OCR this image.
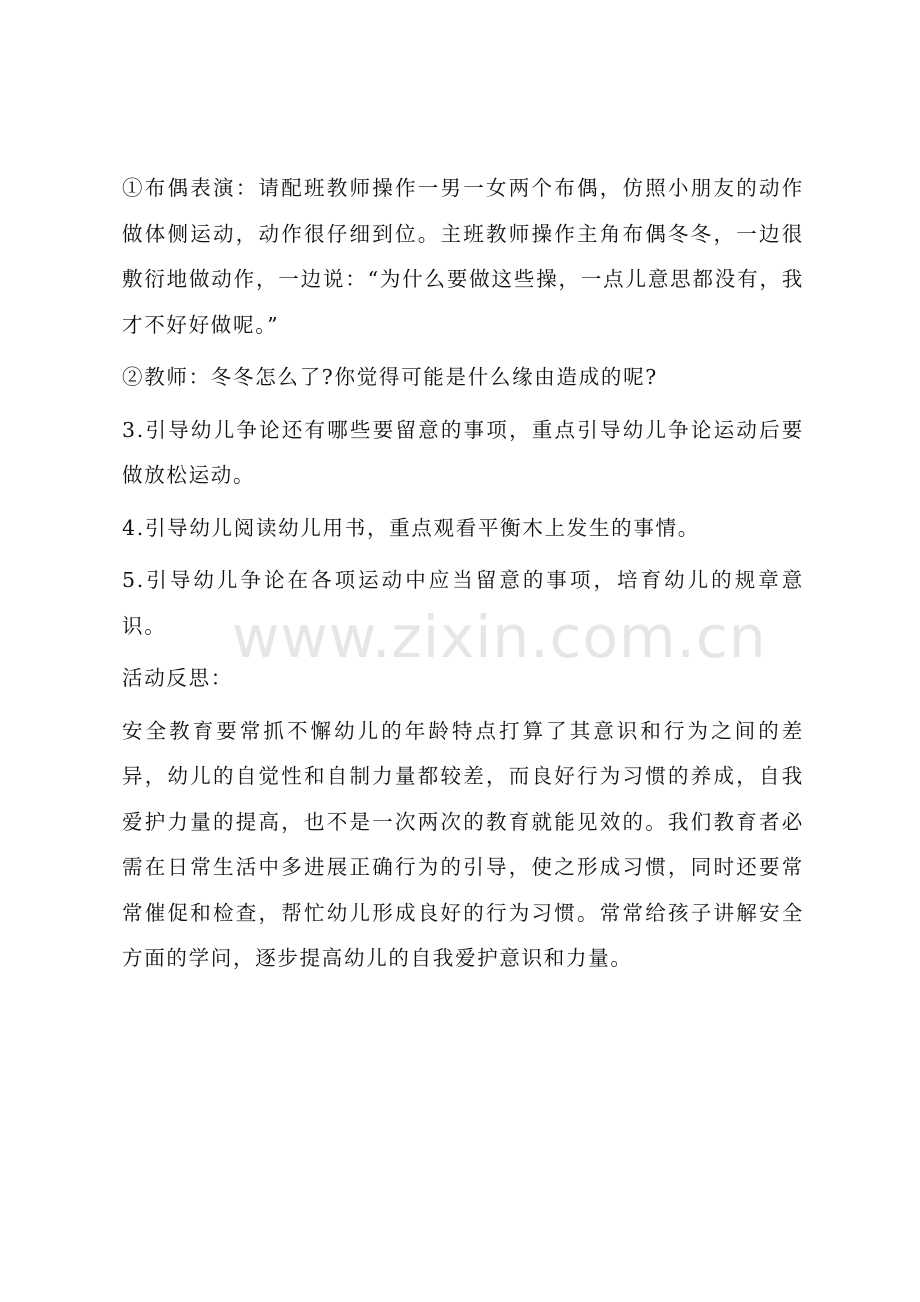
①布偶表演：请配班教师操作一男一女两个布偶，仿照小朋友的动作做体侧运动，动作很仔细到位。主班教师操作主角布偶冬冬，一边很敷衍地做动作，一边说：“为什么要做这些操，一点儿意思都没有，我才不好好做呢。”

②教师：冬冬怎么了?你觉得可能是什么缘由造成的呢?

3.引导幼儿争论还有哪些要留意的事项，重点引导幼儿争论运动后要做放松运动。

4.引导幼儿阅读幼儿用书，重点观看平衡木上发生的事情。

5.引导幼儿争论在各项运动中应当留意的事项，培育幼儿的规章意识。

活动反思：

安全教育要常抓不懈幼儿的年龄特点打算了其意识和行为之间的差异，幼儿的自觉性和自制力量都较差，而良好行为习惯的养成，自我爱护力量的提高，也不是一次两次的教育就能见效的。我们教育者必需在日常生活中多进展正确行为的引导，使之形成习惯，同时还要常常催促和检查，帮忙幼儿形成良好的行为习惯。常常给孩子讲解安全方面的学问，逐步提高幼儿的自我爱护意识和力量。

www.zixin.com.cn
